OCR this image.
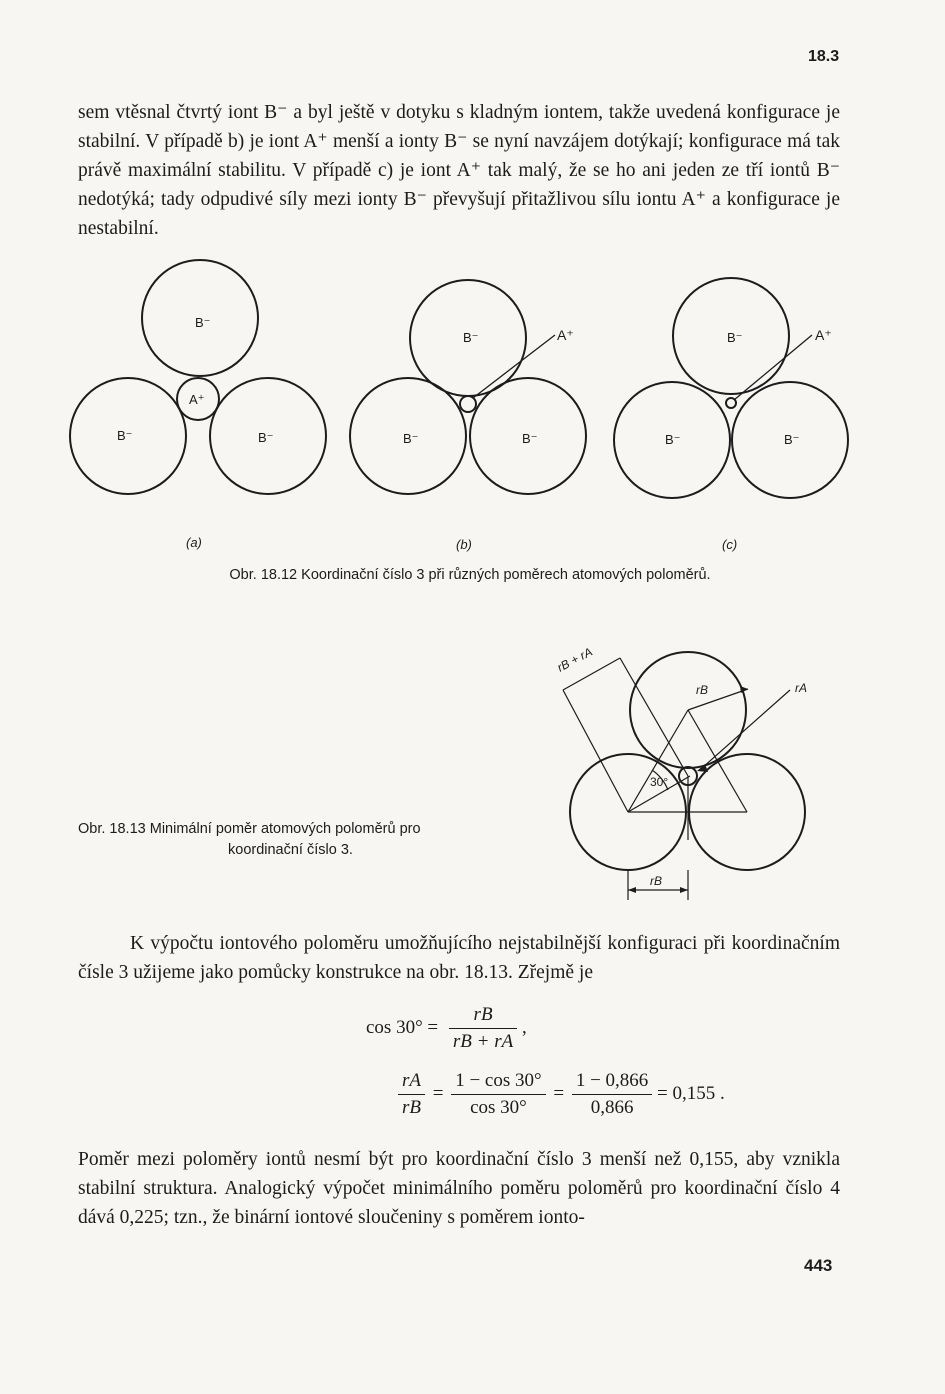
18.3

sem vtěsnal čtvrtý iont B⁻ a byl ještě v dotyku s kladným iontem, takže uvedená konfigurace je stabilní. V případě b) je iont A⁺ menší a ionty B⁻ se nyní navzájem dotýkají; konfigurace má tak právě maximální stabilitu. V případě c) je iont A⁺ tak malý, že se ho ani jeden ze tří iontů B⁻ nedotýká; tady odpudivé síly mezi ionty B⁻ převyšují přitažlivou sílu iontu A⁺ a konfigurace je nestabilní.

B⁻
B⁻	B⁻
A⁺
B⁻
B⁻	B⁻
A⁺	B⁻
B⁻	B⁻
A⁺
(a)	(b)	(c)
Obr. 18.12 Koordinační číslo 3 při různých poměrech atomových poloměrů.
rB + rA
rB	rA
30°
rB
Obr. 18.13 Minimální poměr atomových poloměrů pro
koordinační číslo 3.

K výpočtu iontového poloměru umožňujícího nejstabilnější konfiguraci při koordinačním čísle 3 užijeme jako pomůcky konstrukce na obr. 18.13. Zřejmě je

$\cos 30^\circ = \frac{rB}{rB + rA}$ ,
$\frac{rA}{rB} = \frac{1 - \cos 30^\circ}{\cos 30^\circ} = \frac{1 - 0,866}{0,866} = 0,155$ .

Poměr mezi poloměry iontů nesmí být pro koordinační číslo 3 menší než 0,155, aby vznikla stabilní struktura. Analogický výpočet minimálního poměru poloměrů pro koordinační číslo 4 dává 0,225; tzn., že binární iontové sloučeniny s poměrem ionto-

443
